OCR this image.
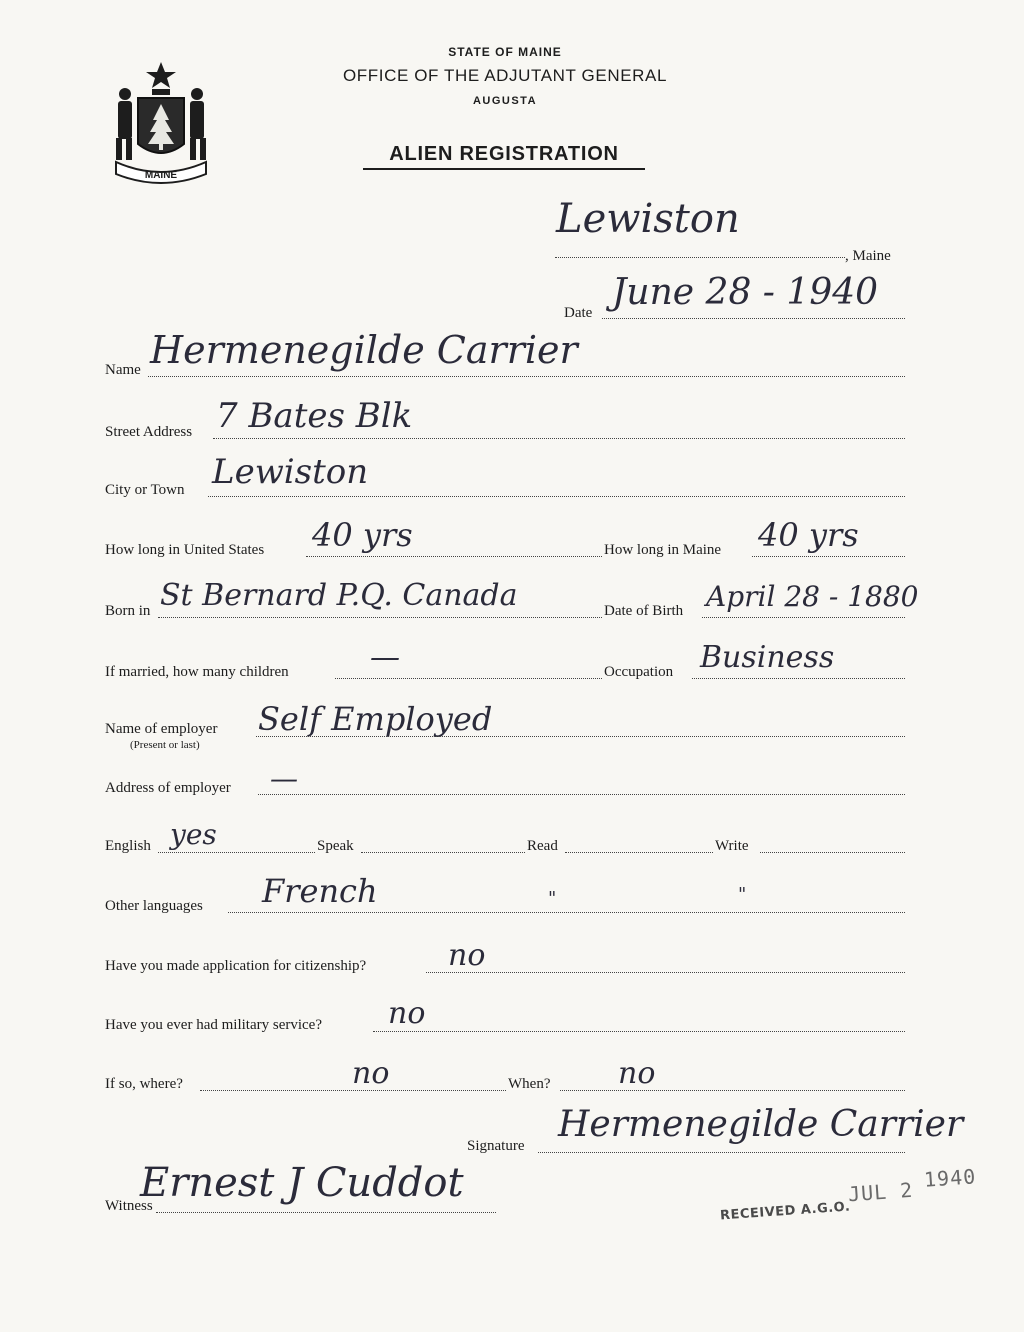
MAINE
STATE OF MAINE
OFFICE OF THE ADJUTANT GENERAL
AUGUSTA
ALIEN REGISTRATION
Lewiston
, Maine
Date June 28 - 1940
Name Hermenegilde Carrier
Street Address 7 Bates Blk
City or Town Lewiston
How long in United States 40 yrs	How long in Maine 40 yrs
Born in St Bernard P.Q. Canada	Date of Birth April 28 - 1880
If married, how many children	—	Occupation Business
Name of employer
(Present or last)
Self Employed
Address of employer —
English yes	Speak	Read	Write
Other languages French	"	"
Have you made application for citizenship?	no
Have you ever had military service? no
If so, where?	no	When? no
Signature
Hermenegilde Carrier
Witness
Ernest J Cuddot
RECEIVED A.G.O.
JUL 2 1940
